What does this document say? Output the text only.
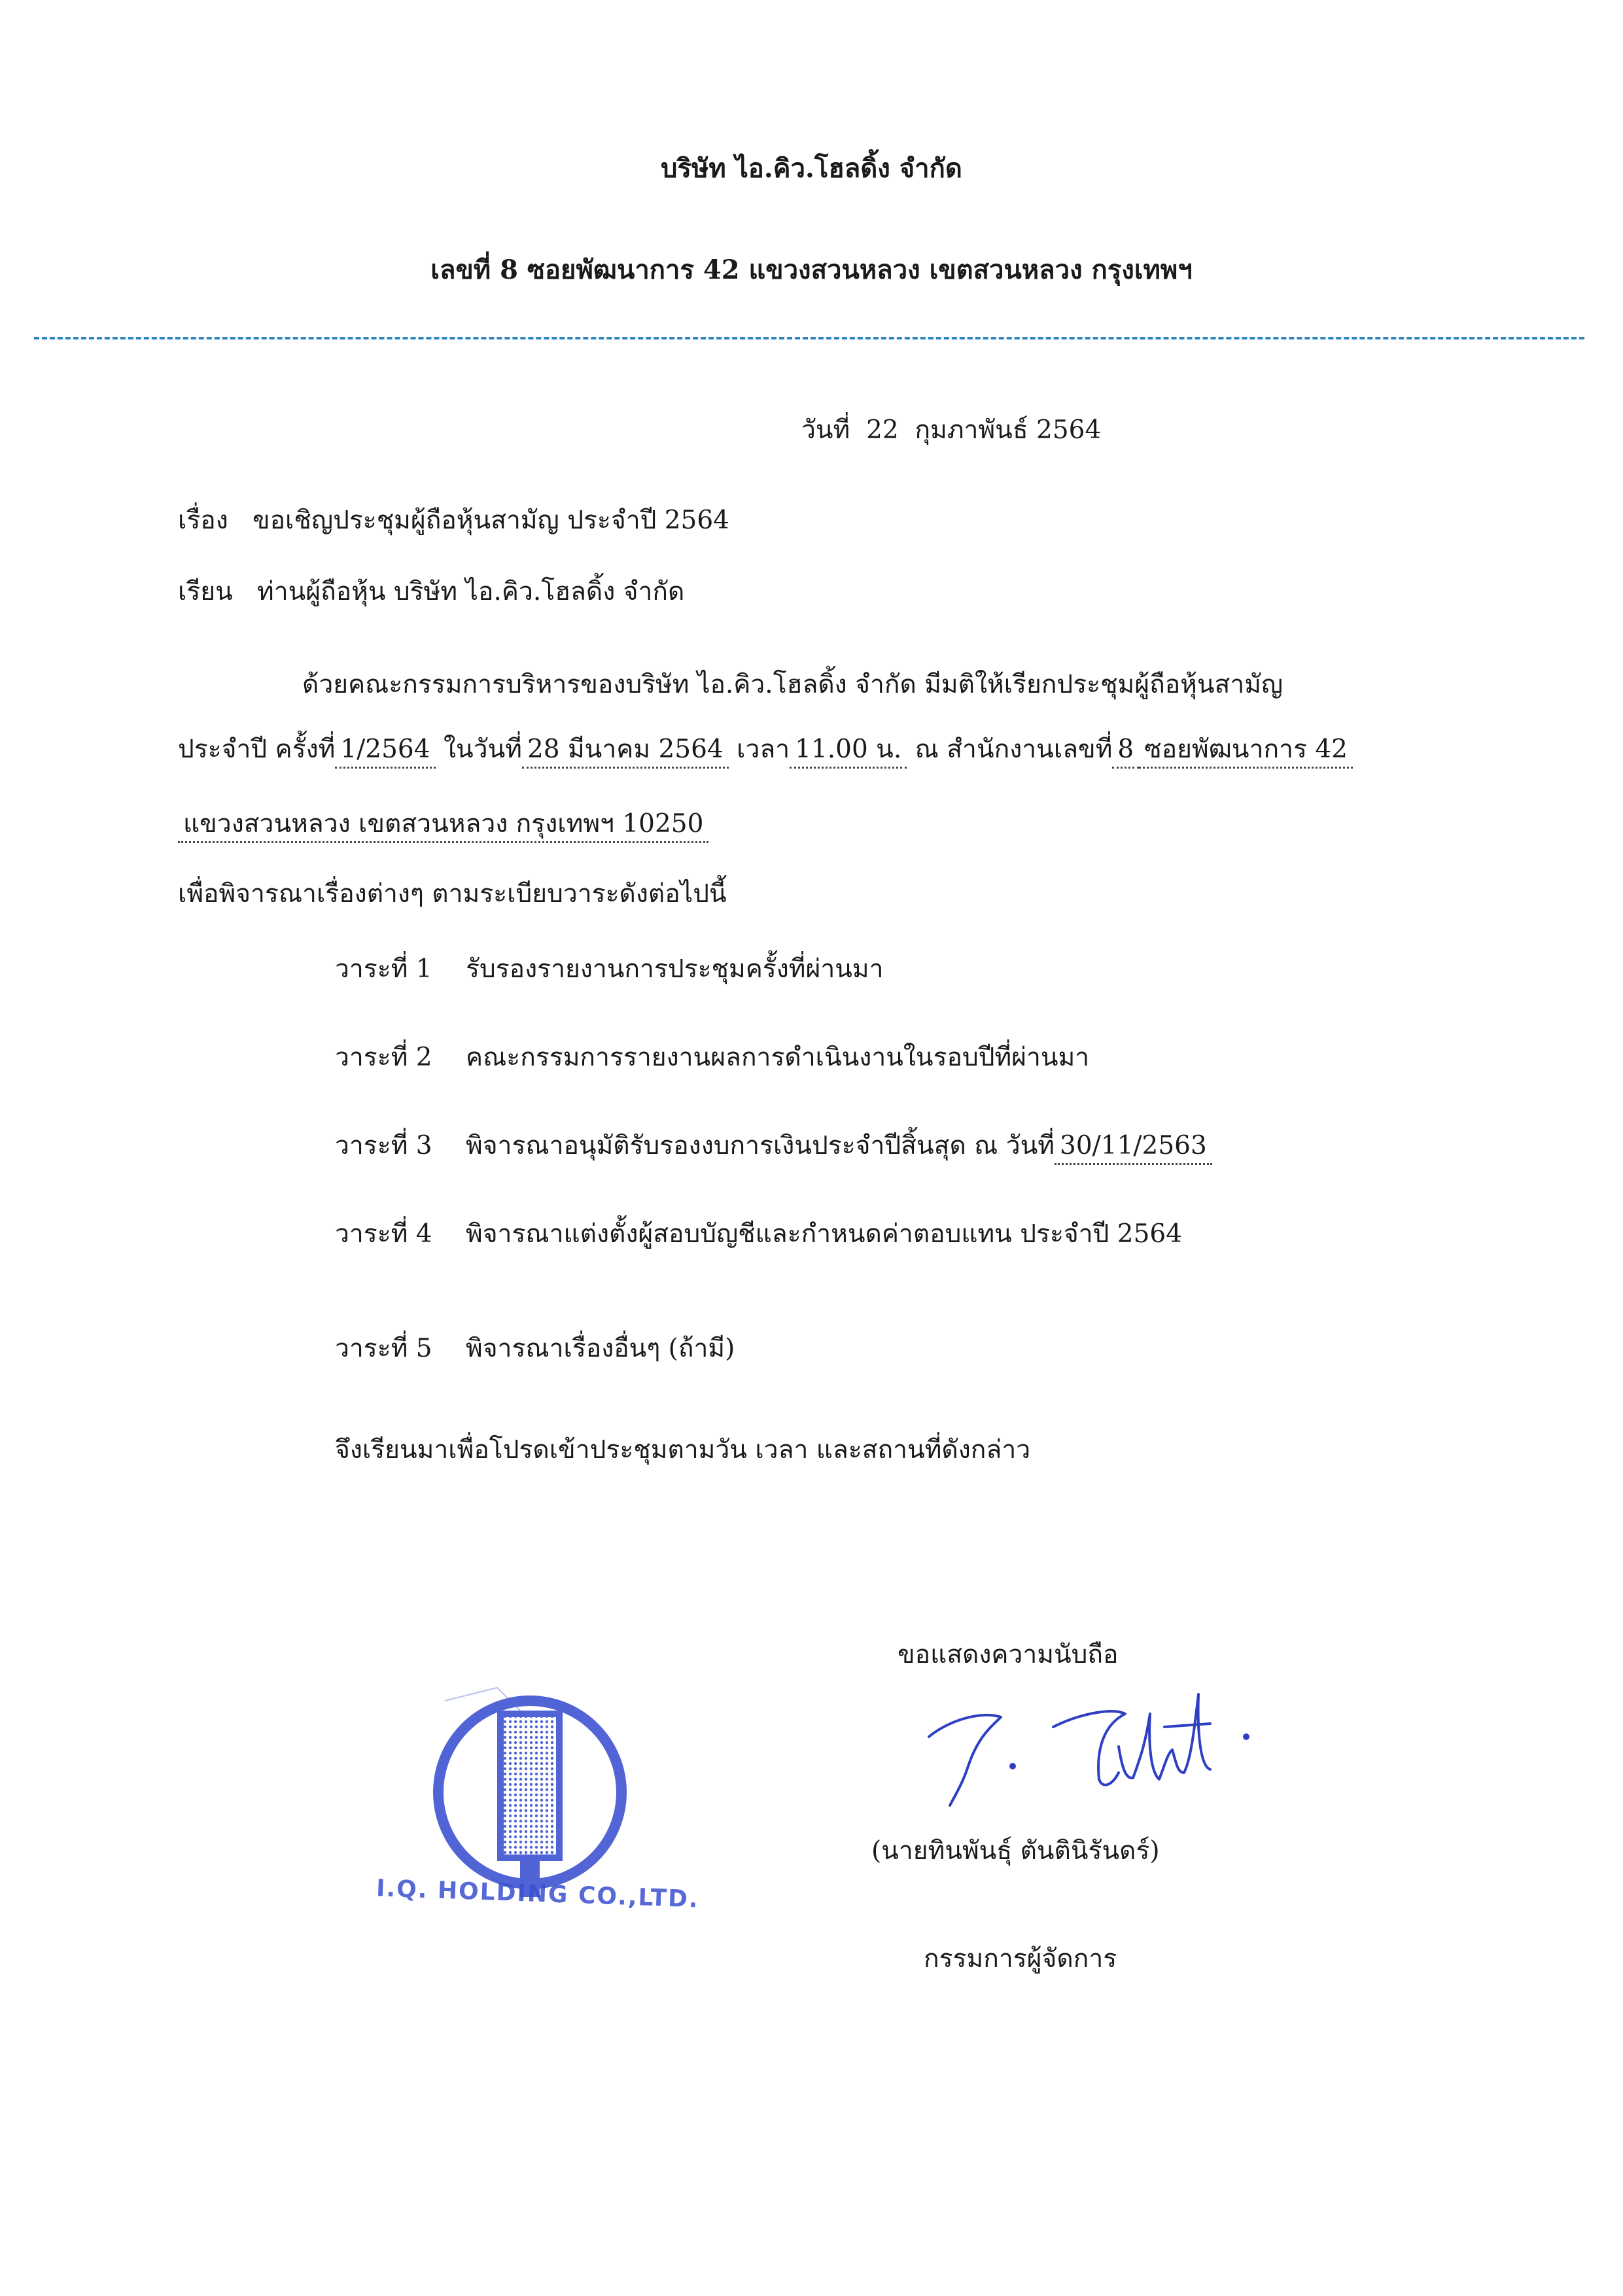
บริษัท ไอ.คิว.โฮลดิ้ง จำกัด
เลขที่ 8 ซอยพัฒนาการ 42 แขวงสวนหลวง เขตสวนหลวง กรุงเทพฯ
วันที่ 22 กุมภาพันธ์ 2564
เรื่อง ขอเชิญประชุมผู้ถือหุ้นสามัญ ประจำปี 2564
เรียน ท่านผู้ถือหุ้น บริษัท ไอ.คิว.โฮลดิ้ง จำกัด
ด้วยคณะกรรมการบริหารของบริษัท ไอ.คิว.โฮลดิ้ง จำกัด มีมติให้เรียกประชุมผู้ถือหุ้นสามัญ
ประจำปี ครั้งที่ 1/2564 ในวันที่ 28 มีนาคม 2564 เวลา 11.00 น. ณ สำนักงานเลขที่ 8 ซอยพัฒนาการ 42
แขวงสวนหลวง เขตสวนหลวง กรุงเทพฯ 10250
เพื่อพิจารณาเรื่องต่างๆ ตามระเบียบวาระดังต่อไปนี้
วาระที่ 1 รับรองรายงานการประชุมครั้งที่ผ่านมา
วาระที่ 2 คณะกรรมการรายงานผลการดำเนินงานในรอบปีที่ผ่านมา
วาระที่ 3 พิจารณาอนุมัติรับรองงบการเงินประจำปีสิ้นสุด ณ วันที่ 30/11/2563
วาระที่ 4 พิจารณาแต่งตั้งผู้สอบบัญชีและกำหนดค่าตอบแทน ประจำปี 2564
วาระที่ 5 พิจารณาเรื่องอื่นๆ (ถ้ามี)
จึงเรียนมาเพื่อโปรดเข้าประชุมตามวัน เวลา และสถานที่ดังกล่าว
ขอแสดงความนับถือ
(นายทินพันธุ์ ตันตินิรันดร์)
กรรมการผู้จัดการ
I.Q. HOLDING CO.,LTD.
